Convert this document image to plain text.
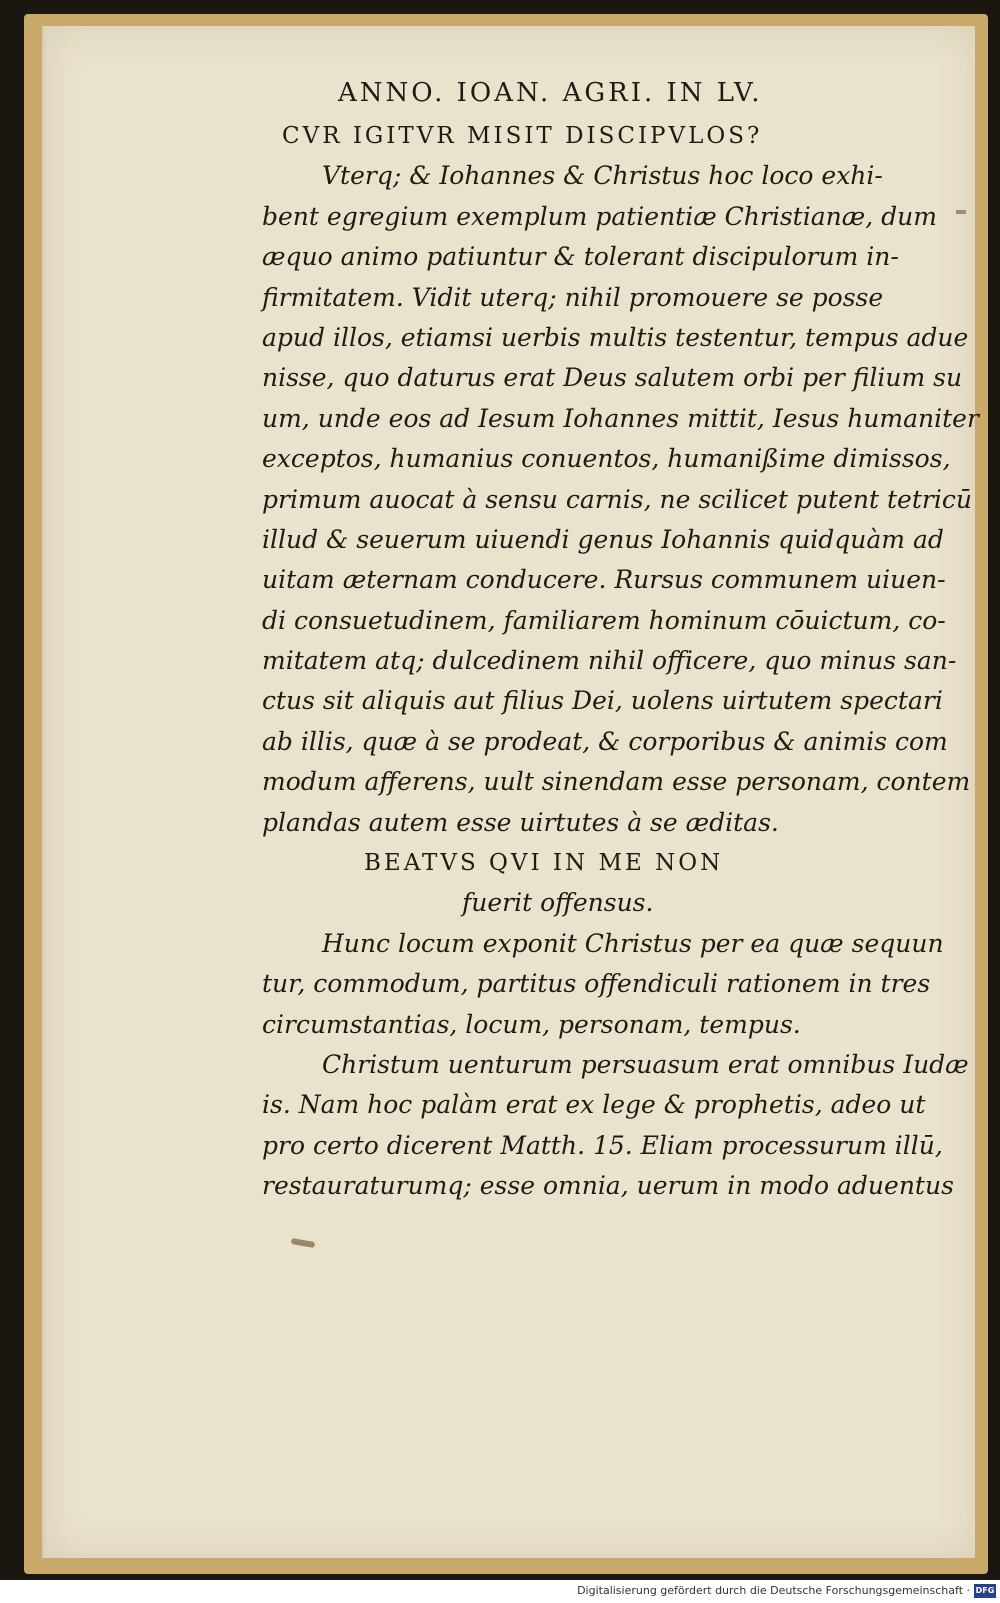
ANNO. IOAN. AGRI. IN LV.
CVR IGITVR MISIT DISCIPVLOS?
Vterq; & Iohannes & Christus hoc loco exhi-
bent egregium exemplum patientiæ Christianæ, dum
æquo animo patiuntur & tolerant discipulorum in-
firmitatem. Vidit uterq; nihil promouere se posse
apud illos, etiamsi uerbis multis testentur, tempus adue
nisse, quo daturus erat Deus salutem orbi per filium su
um, unde eos ad Iesum Iohannes mittit, Iesus humaniter
exceptos, humanius conuentos, humanißime dimissos,
primum auocat à sensu carnis, ne scilicet putent tetricū
illud & seuerum uiuendi genus Iohannis quidquàm ad
uitam æternam conducere. Rursus communem uiuen-
di consuetudinem, familiarem hominum cōuictum, co-
mitatem atq; dulcedinem nihil officere, quo minus san-
ctus sit aliquis aut filius Dei, uolens uirtutem spectari
ab illis, quæ à se prodeat, & corporibus & animis com
modum afferens, uult sinendam esse personam, contem
plandas autem esse uirtutes à se æditas.
BEATVS QVI IN ME NON
fuerit offensus.
Hunc locum exponit Christus per ea quæ sequun
tur, commodum, partitus offendiculi rationem in tres
circumstantias, locum, personam, tempus.
Christum uenturum persuasum erat omnibus Iudæ
is. Nam hoc palàm erat ex lege & prophetis, adeo ut
pro certo dicerent Matth. 15. Eliam processurum illū,
restauraturumq; esse omnia, uerum in modo aduentus
Digitalisierung gefördert durch die Deutsche Forschungsgemeinschaft · DFG
